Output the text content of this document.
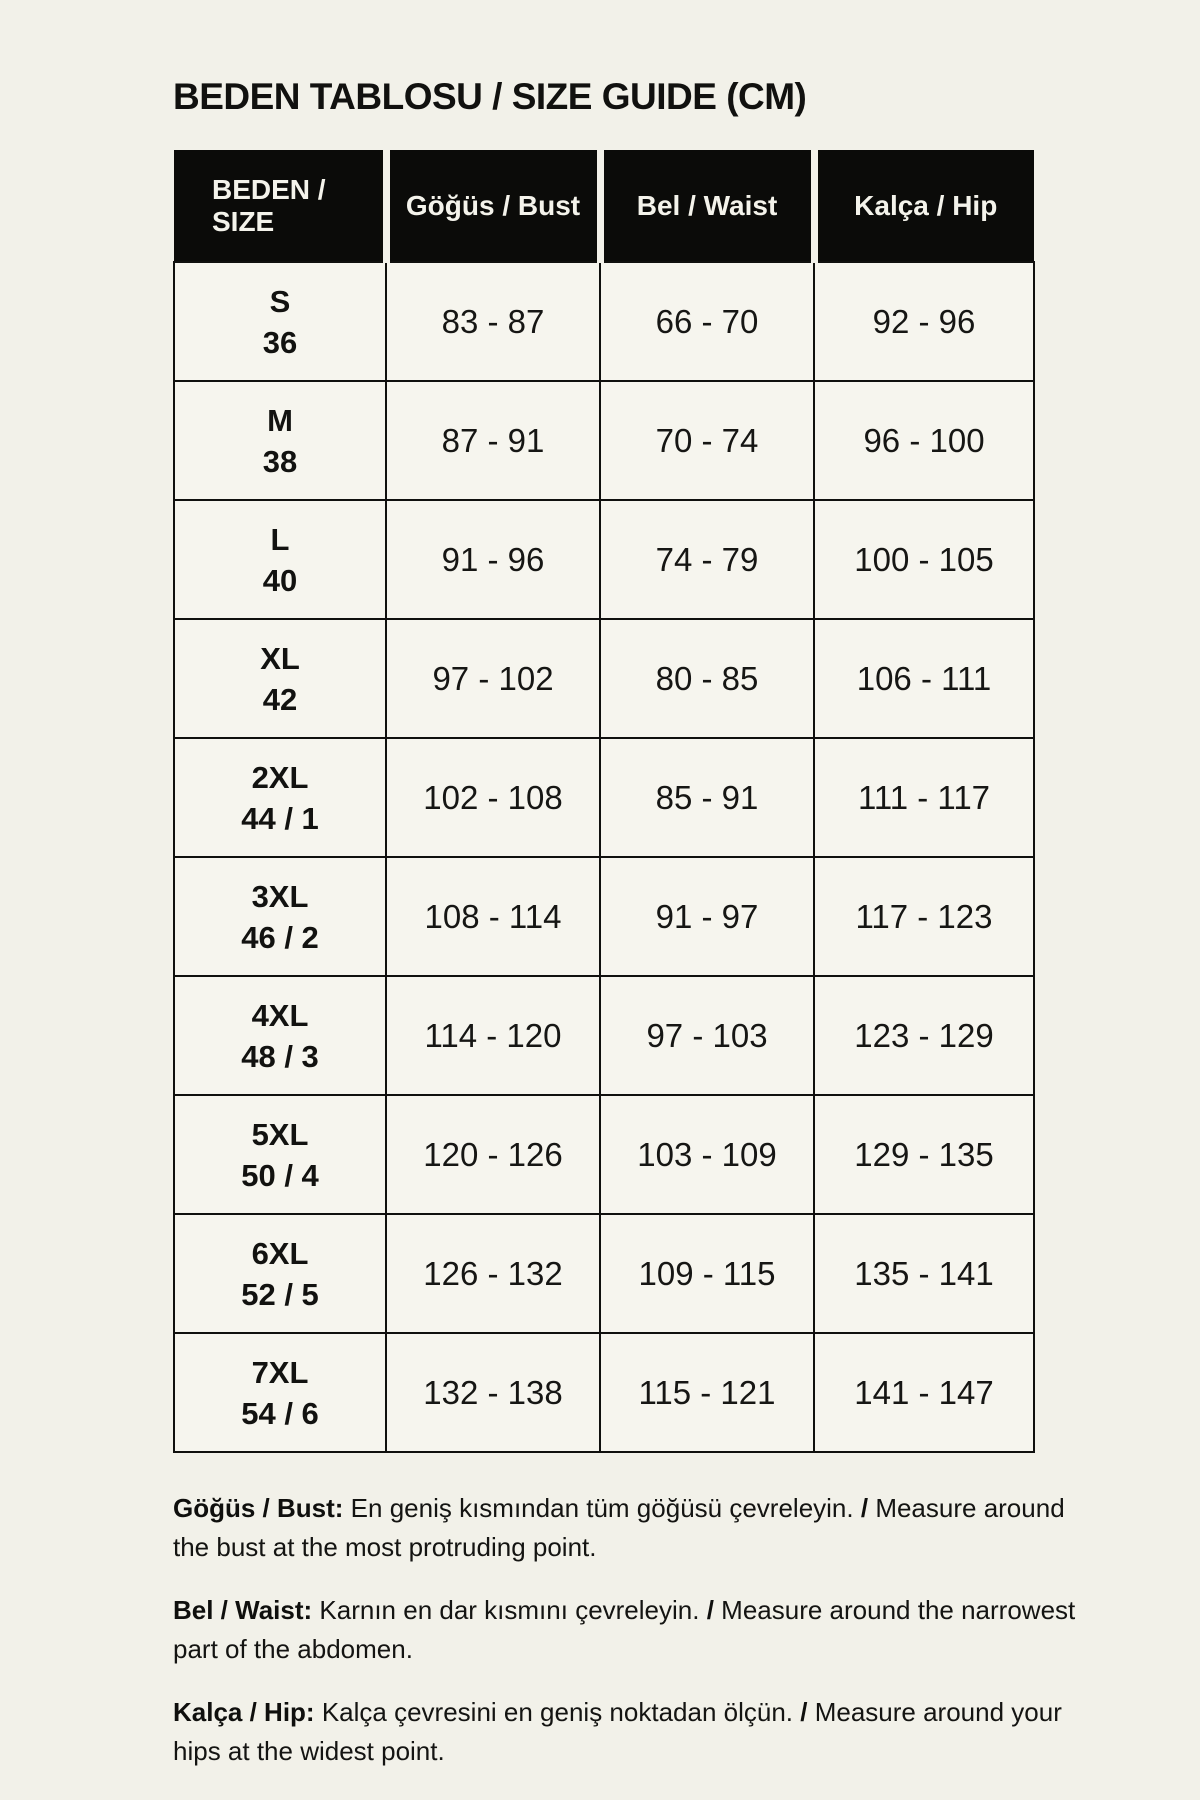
BEDEN TABLOSU / SIZE GUIDE (CM)
BEDEN / SIZE	Göğüs / Bust	Bel / Waist	Kalça / Hip

S
36	83 - 87	66 - 70	92 - 96

M
38	87 - 91	70 - 74	96 - 100

L
40	91 - 96	74 - 79	100 - 105

XL
42	97 - 102	80 - 85	106 - 111

2XL
44 / 1	102 - 108	85 - 91	111 - 117

3XL
46 / 2	108 - 114	91 - 97	117 - 123

4XL
48 / 3	114 - 120	97 - 103	123 - 129

5XL
50 / 4	120 - 126	103 - 109	129 - 135

6XL
52 / 5	126 - 132	109 - 115	135 - 141

7XL
54 / 6	132 - 138	115 - 121	141 - 147

Göğüs / Bust: En geniş kısmından tüm göğüsü çevreleyin. / Measure around the bust at the most protruding point.

Bel / Waist: Karnın en dar kısmını çevreleyin. / Measure around the narrowest part of the abdomen.

Kalça / Hip: Kalça çevresini en geniş noktadan ölçün. / Measure around your hips at the widest point.
